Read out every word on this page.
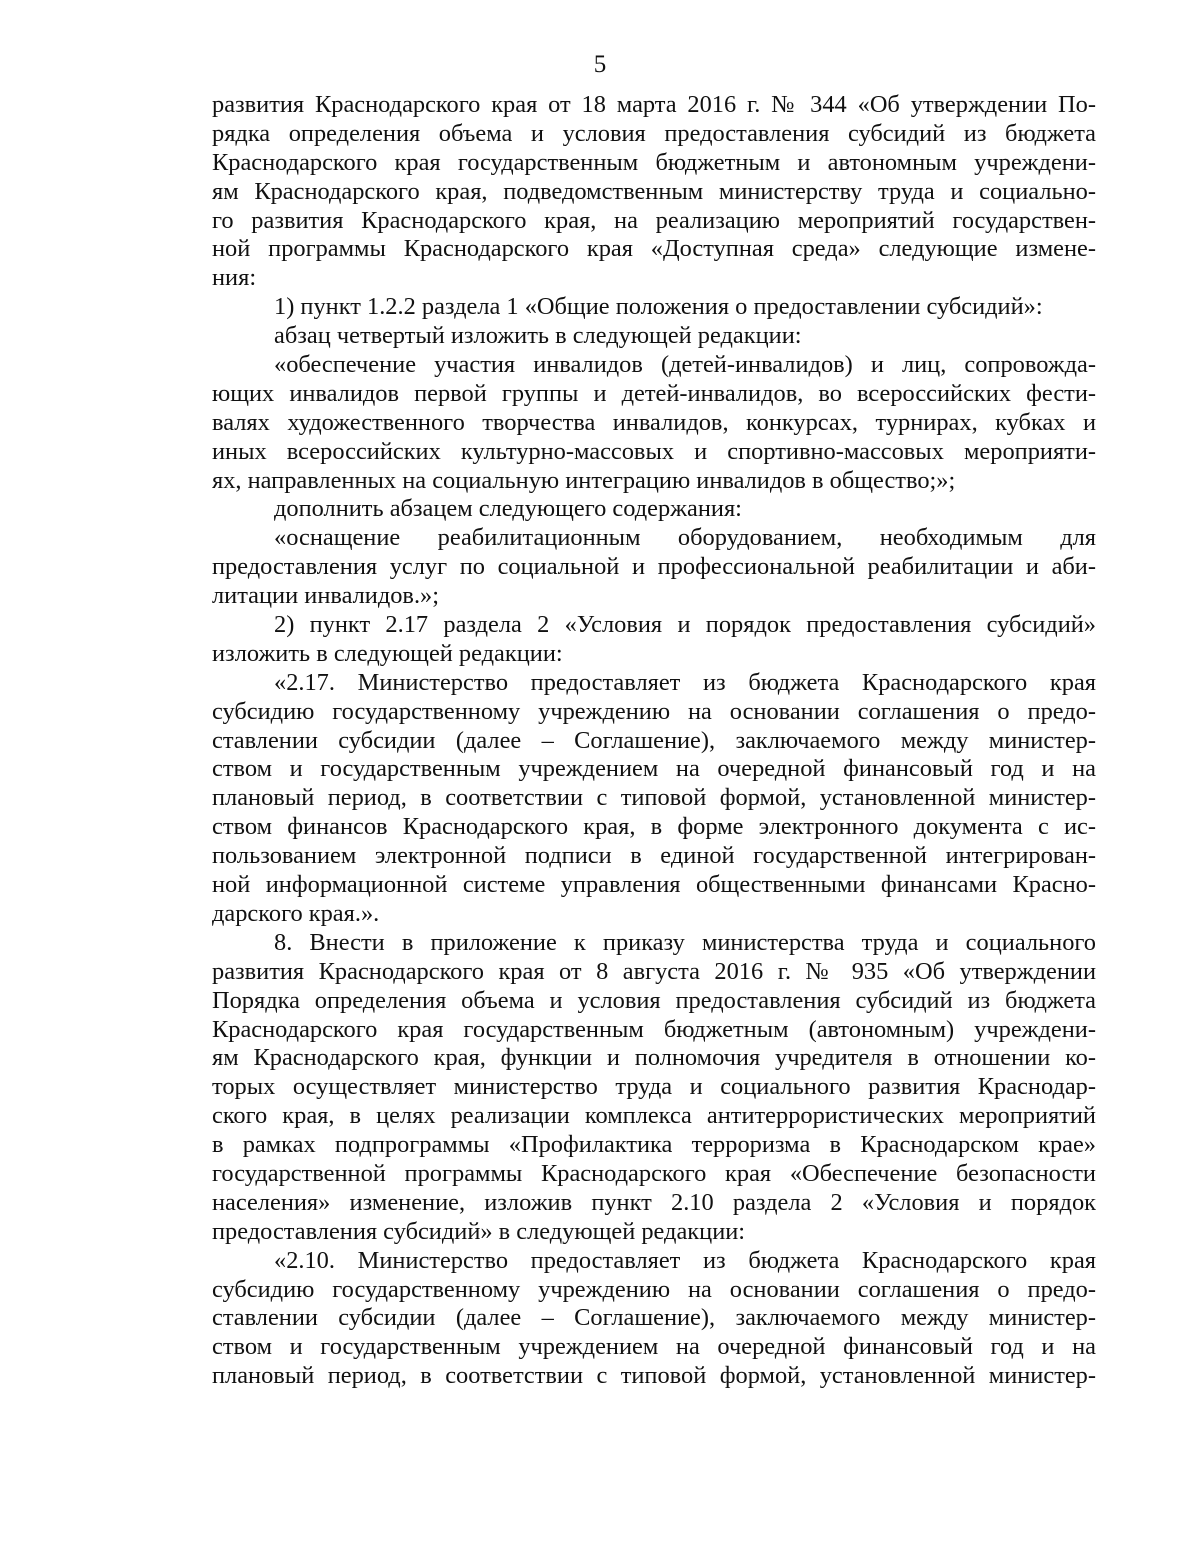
5
развития Краснодарского края от 18 марта 2016 г. № 344 «Об утверждении По-
рядка определения объема и условия предоставления субсидий из бюджета
Краснодарского края государственным бюджетным и автономным учреждени-
ям Краснодарского края, подведомственным министерству труда и социально-
го развития Краснодарского края, на реализацию мероприятий государствен-
ной программы Краснодарского края «Доступная среда» следующие измене-
ния:
1) пункт 1.2.2 раздела 1 «Общие положения о предоставлении субсидий»:
абзац четвертый изложить в следующей редакции:
«обеспечение участия инвалидов (детей-инвалидов) и лиц, сопровожда-
ющих инвалидов первой группы и детей-инвалидов, во всероссийских фести-
валях художественного творчества инвалидов, конкурсах, турнирах, кубках и
иных всероссийских культурно-массовых и спортивно-массовых мероприяти-
ях, направленных на социальную интеграцию инвалидов в общество;»;
дополнить абзацем следующего содержания:
«оснащение реабилитационным оборудованием, необходимым для
предоставления услуг по социальной и профессиональной реабилитации и аби-
литации инвалидов.»;
2) пункт 2.17 раздела 2 «Условия и порядок предоставления субсидий»
изложить в следующей редакции:
«2.17. Министерство предоставляет из бюджета Краснодарского края
субсидию государственному учреждению на основании соглашения о предо-
ставлении субсидии (далее – Соглашение), заключаемого между министер-
ством и государственным учреждением на очередной финансовый год и на
плановый период, в соответствии с типовой формой, установленной министер-
ством финансов Краснодарского края, в форме электронного документа с ис-
пользованием электронной подписи в единой государственной интегрирован-
ной информационной системе управления общественными финансами Красно-
дарского края.».
8. Внести в приложение к приказу министерства труда и социального
развития Краснодарского края от 8 августа 2016 г. № 935 «Об утверждении
Порядка определения объема и условия предоставления субсидий из бюджета
Краснодарского края государственным бюджетным (автономным) учреждени-
ям Краснодарского края, функции и полномочия учредителя в отношении ко-
торых осуществляет министерство труда и социального развития Краснодар-
ского края, в целях реализации комплекса антитеррористических мероприятий
в рамках подпрограммы «Профилактика терроризма в Краснодарском крае»
государственной программы Краснодарского края «Обеспечение безопасности
населения» изменение, изложив пункт 2.10 раздела 2 «Условия и порядок
предоставления субсидий» в следующей редакции:
«2.10. Министерство предоставляет из бюджета Краснодарского края
субсидию государственному учреждению на основании соглашения о предо-
ставлении субсидии (далее – Соглашение), заключаемого между министер-
ством и государственным учреждением на очередной финансовый год и на
плановый период, в соответствии с типовой формой, установленной министер-
